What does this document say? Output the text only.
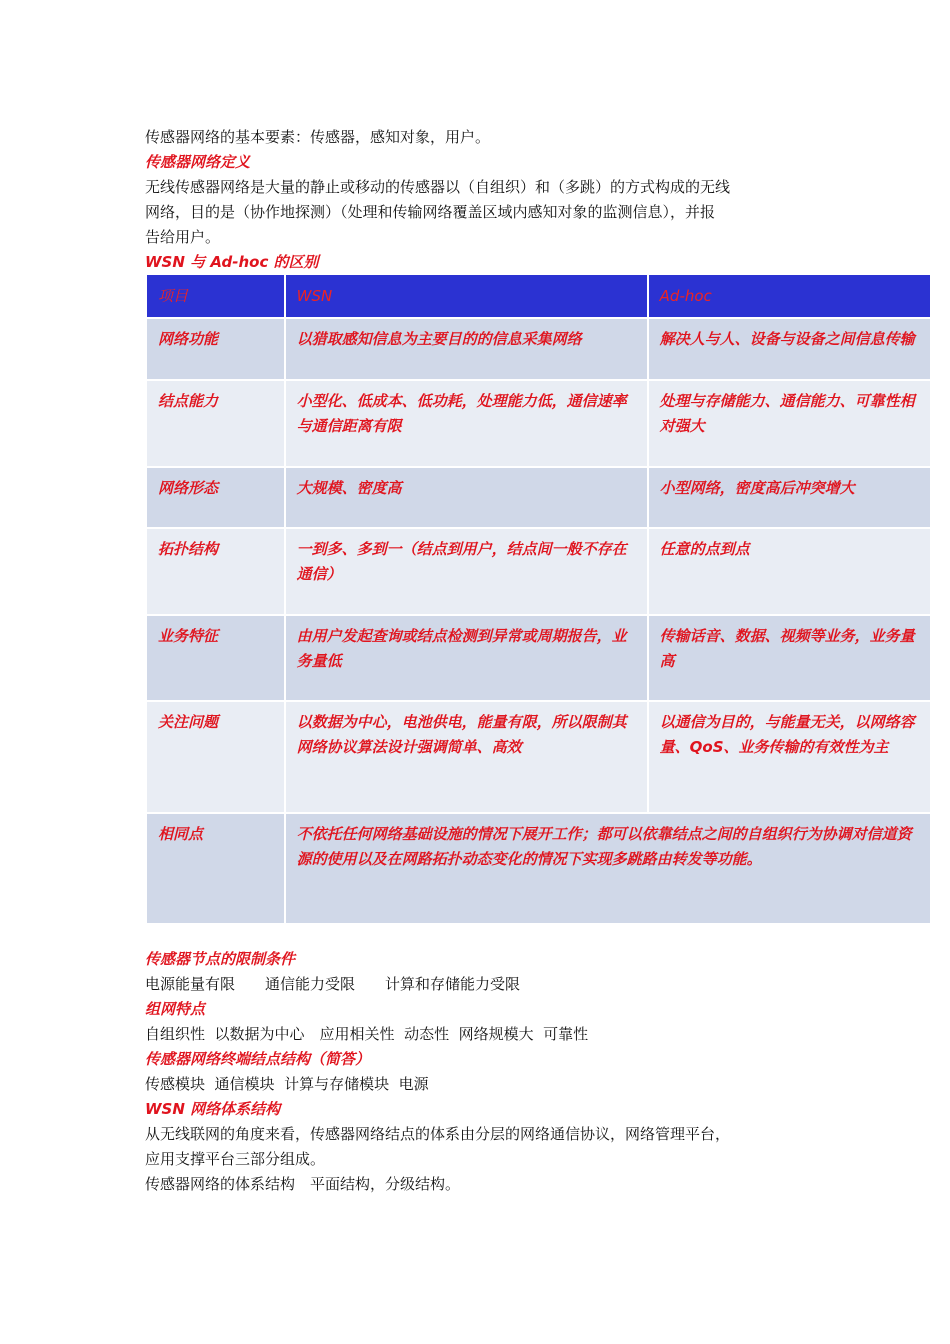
传感器网络的基本要素：传感器，感知对象，用户。

传感器网络定义

无线传感器网络是大量的静止或移动的传感器以（自组织）和（多跳）的方式构成的无线

网络，目的是（协作地探测）（处理和传输网络覆盖区域内感知对象的监测信息），并报

告给用户。

WSN 与 Ad-hoc 的区别

项目	WSN	Ad-hoc
网络功能	以猎取感知信息为主要目的的信息采集网络	解决人与人、设备与设备之间信息传输
结点能力	小型化、低成本、低功耗，处理能力低，通信速率与通信距离有限	处理与存储能力、通信能力、可靠性相对强大
网络形态	大规模、密度高	小型网络，密度高后冲突增大
拓扑结构	一到多、多到一（结点到用户，结点间一般不存在通信）	任意的点到点
业务特征	由用户发起查询或结点检测到异常或周期报告，业务量低	传输话音、数据、视频等业务，业务量高
关注问题	以数据为中心，电池供电，能量有限，所以限制其网络协议算法设计强调简单、高效	以通信为目的，与能量无关，以网络容量、QoS、业务传输的有效性为主
相同点	不依托任何网络基础设施的情况下展开工作；都可以依靠结点之间的自组织行为协调对信道资源的使用以及在网路拓扑动态变化的情况下实现多跳路由转发等功能。	

传感器节点的限制条件

电源能量有限　　通信能力受限　　计算和存储能力受限

组网特点

自组织性  以数据为中心　应用相关性  动态性  网络规模大  可靠性

传感器网络终端结点结构（简答）

传感模块  通信模块  计算与存储模块  电源

WSN 网络体系结构

从无线联网的角度来看，传感器网络结点的体系由分层的网络通信协议，网络管理平台，

应用支撑平台三部分组成。

传感器网络的体系结构　平面结构，分级结构。
